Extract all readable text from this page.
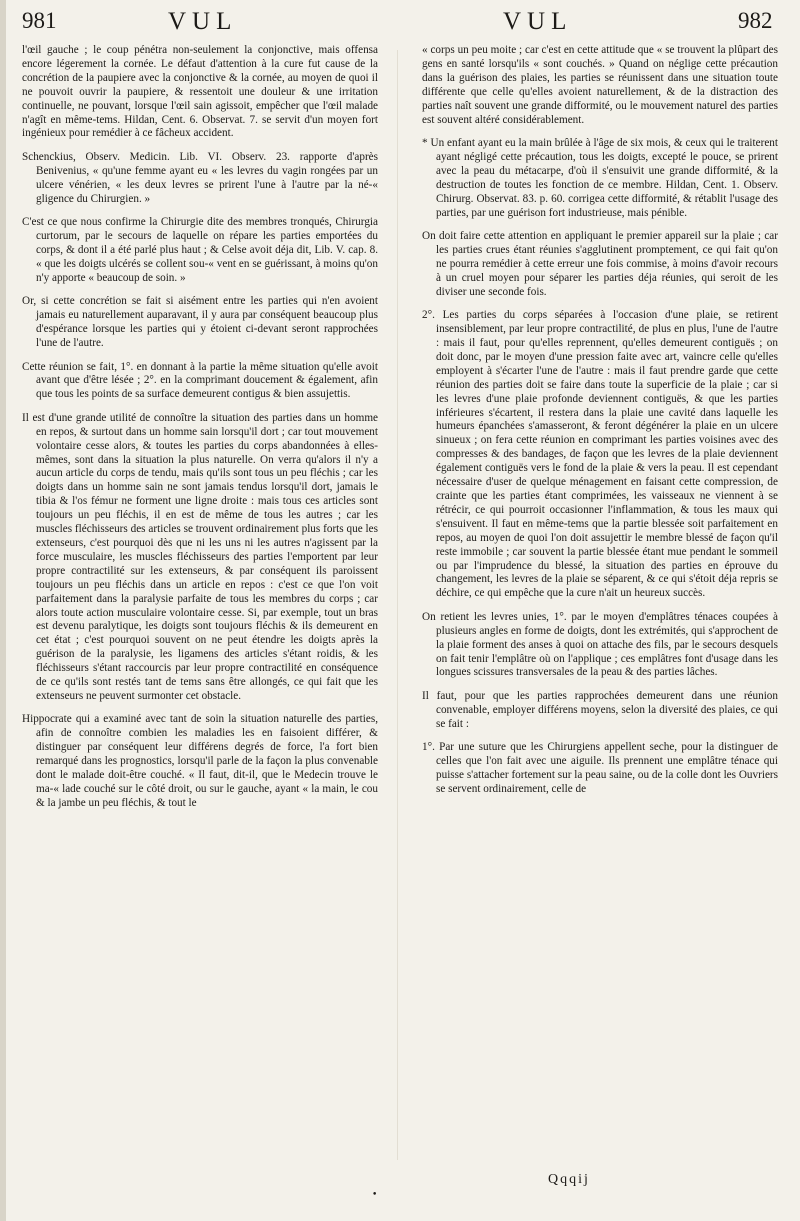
981	VUL	VUL	982

l'œil gauche ; le coup pénétra non-seulement la conjonctive, mais offensa encore légerement la cornée. Le défaut d'attention à la cure fut cause de la concrétion de la paupiere avec la conjonctive & la cornée, au moyen de quoi il ne pouvoit ouvrir la paupiere, & ressentoit une douleur & une irritation continuelle, ne pouvant, lorsque l'œil sain agissoit, empêcher que l'œil malade n'agît en même-tems. Hildan, Cent. 6. Observat. 7. se servit d'un moyen fort ingénieux pour remédier à ce fâcheux accident.

Schenckius, Observ. Medicin. Lib. VI. Observ. 23. rapporte d'après Benivenius, « qu'une femme ayant eu « les levres du vagin rongées par un ulcere vénérien, « les deux levres se prirent l'une à l'autre par la né-« gligence du Chirurgien. »

C'est ce que nous confirme la Chirurgie dite des membres tronqués, Chirurgia curtorum, par le secours de laquelle on répare les parties emportées du corps, & dont il a été parlé plus haut ; & Celse avoit déja dit, Lib. V. cap. 8. « que les doigts ulcérés se collent sou-« vent en se guérissant, à moins qu'on n'y apporte « beaucoup de soin. »

Or, si cette concrétion se fait si aisément entre les parties qui n'en avoient jamais eu naturellement auparavant, il y aura par conséquent beaucoup plus d'espérance lorsque les parties qui y étoient ci-devant seront rapprochées l'une de l'autre.

Cette réunion se fait, 1°. en donnant à la partie la même situation qu'elle avoit avant que d'être lésée ; 2°. en la comprimant doucement & également, afin que tous les points de sa surface demeurent contigus & bien assujettis.

Il est d'une grande utilité de connoître la situation des parties dans un homme en repos, & surtout dans un homme sain lorsqu'il dort ; car tout mouvement volontaire cesse alors, & toutes les parties du corps abandonnées à elles-mêmes, sont dans la situation la plus naturelle. On verra qu'alors il n'y a aucun article du corps de tendu, mais qu'ils sont tous un peu fléchis ; car les doigts dans un homme sain ne sont jamais tendus lorsqu'il dort, jamais le tibia & l'os fémur ne forment une ligne droite : mais tous ces articles sont toujours un peu fléchis, il en est de même de tous les autres ; car les muscles fléchisseurs des articles se trouvent ordinairement plus forts que les extenseurs, c'est pourquoi dès que ni les uns ni les autres n'agissent par la force musculaire, les muscles fléchisseurs des parties l'emportent par leur propre contractilité sur les extenseurs, & par conséquent ils paroissent toujours un peu fléchis dans un article en repos : c'est ce que l'on voit parfaitement dans la paralysie parfaite de tous les membres du corps ; car alors toute action musculaire volontaire cesse. Si, par exemple, tout un bras est devenu paralytique, les doigts sont toujours fléchis & ils demeurent en cet état ; c'est pourquoi souvent on ne peut étendre les doigts après la guérison de la paralysie, les ligamens des articles s'étant roidis, & les fléchisseurs s'étant raccourcis par leur propre contractilité en conséquence de ce qu'ils sont restés tant de tems sans être allongés, ce qui fait que les extenseurs ne peuvent surmonter cet obstacle.

Hippocrate qui a examiné avec tant de soin la situation naturelle des parties, afin de connoître combien les maladies les en faisoient différer, & distinguer par conséquent leur différens degrés de force, l'a fort bien remarqué dans les prognostics, lorsqu'il parle de la façon la plus convenable dont le malade doit-être couché. « Il faut, dit-il, que le Medecin trouve le ma-« lade couché sur le côté droit, ou sur le gauche, ayant « la main, le cou & la jambe un peu fléchis, & tout le

« corps un peu moite ; car c'est en cette attitude que « se trouvent la plûpart des gens en santé lorsqu'ils « sont couchés. » Quand on néglige cette précaution dans la guérison des plaies, les parties se réunissent dans une situation toute différente que celle qu'elles avoient naturellement, & de la distraction des parties naît souvent une grande difformité, ou le mouvement naturel des parties est souvent altéré considérablement.

* Un enfant ayant eu la main brûlée à l'âge de six mois, & ceux qui le traiterent ayant négligé cette précaution, tous les doigts, excepté le pouce, se prirent avec la peau du métacarpe, d'où il s'ensuivit une grande difformité, & la destruction de toutes les fonction de ce membre. Hildan, Cent. 1. Observ. Chirurg. Observat. 83. p. 60. corrigea cette difformité, & rétablit l'usage des parties, par une guérison fort industrieuse, mais pénible.

On doit faire cette attention en appliquant le premier appareil sur la plaie ; car les parties crues étant réunies s'agglutinent promptement, ce qui fait qu'on ne pourra remédier à cette erreur une fois commise, à moins d'avoir recours à un cruel moyen pour séparer les parties déja réunies, qui seroit de les diviser une seconde fois.

2°. Les parties du corps séparées à l'occasion d'une plaie, se retirent insensiblement, par leur propre contractilité, de plus en plus, l'une de l'autre : mais il faut, pour qu'elles reprennent, qu'elles demeurent contiguës ; on doit donc, par le moyen d'une pression faite avec art, vaincre celle qu'elles employent à s'écarter l'une de l'autre : mais il faut prendre garde que cette réunion des parties doit se faire dans toute la superficie de la plaie ; car si les levres d'une plaie profonde deviennent contiguës, & que les parties inférieures s'écartent, il restera dans la plaie une cavité dans laquelle les humeurs épanchées s'amasseront, & feront dégénérer la plaie en un ulcere sinueux ; on fera cette réunion en comprimant les parties voisines avec des compresses & des bandages, de façon que les levres de la plaie deviennent également contiguës vers le fond de la plaie & vers la peau. Il est cependant nécessaire d'user de quelque ménagement en faisant cette compression, de crainte que les parties étant comprimées, les vaisseaux ne viennent à se rétrécir, ce qui pourroit occasionner l'inflammation, & tous les maux qui s'ensuivent. Il faut en même-tems que la partie blessée soit parfaitement en repos, au moyen de quoi l'on doit assujettir le membre blessé de façon qu'il reste immobile ; car souvent la partie blessée étant mue pendant le sommeil ou par l'imprudence du blessé, la situation des parties en éprouve du changement, les levres de la plaie se séparent, & ce qui s'étoit déja repris se déchire, ce qui empêche que la cure n'ait un heureux succès.

On retient les levres unies, 1°. par le moyen d'emplâtres ténaces coupées à plusieurs angles en forme de doigts, dont les extrémités, qui s'approchent de la plaie forment des anses à quoi on attache des fils, par le secours desquels on fait tenir l'emplâtre où on l'applique ; ces emplâtres font d'usage dans les longues scissures transversales de la peau & des parties lâches.

Il faut, pour que les parties rapprochées demeurent dans une réunion convenable, employer différens moyens, selon la diversité des plaies, ce qui se fait :

1°. Par une suture que les Chirurgiens appellent seche, pour la distinguer de celles que l'on fait avec une aiguile. Ils prennent une emplâtre ténace qui puisse s'attacher fortement sur la peau saine, ou de la colle dont les Ouvriers se servent ordinairement, celle de

Qqqij
•
